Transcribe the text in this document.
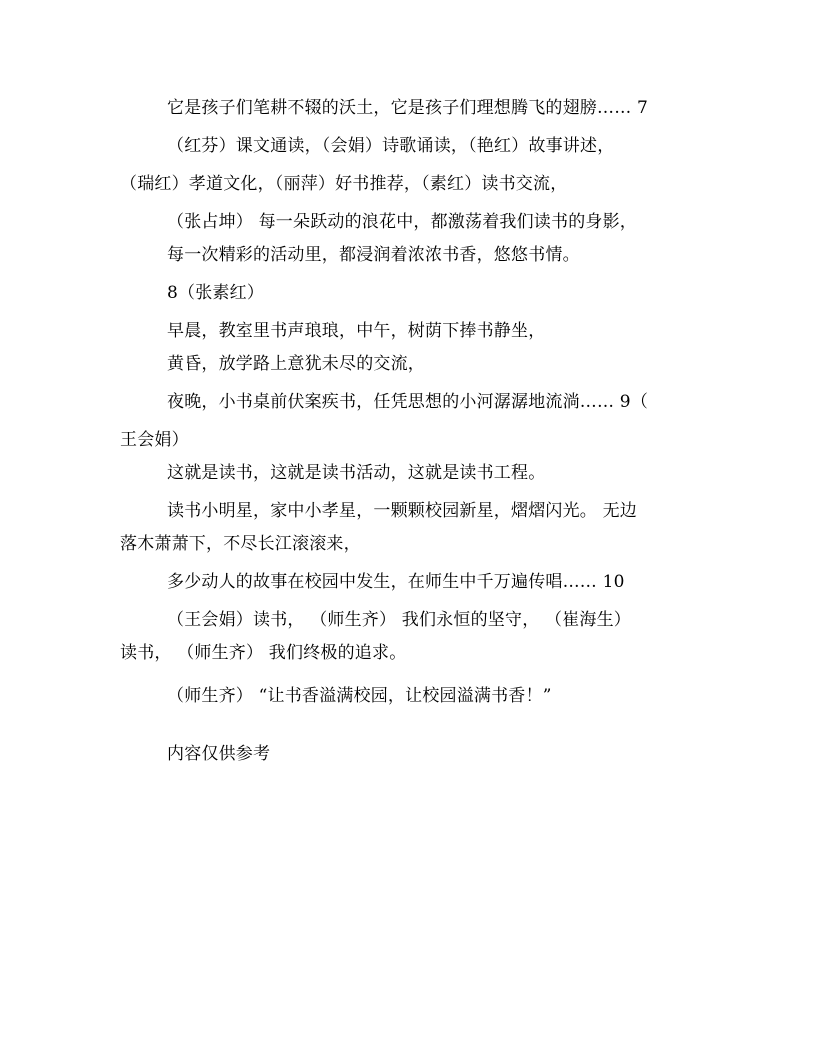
它是孩子们笔耕不辍的沃土，它是孩子们理想腾飞的翅膀…… 7
（红芬）课文通读，（会娟）诗歌诵读，（艳红）故事讲述，
（瑞红）孝道文化，（丽萍）好书推荐，（素红）读书交流，
（张占坤） 每一朵跃动的浪花中，都激荡着我们读书的身影，
每一次精彩的活动里，都浸润着浓浓书香，悠悠书情。
8（张素红）
早晨，教室里书声琅琅，中午，树荫下捧书静坐，
黄昏，放学路上意犹未尽的交流，
夜晚，小书桌前伏案疾书，任凭思想的小河潺潺地流淌…… 9（
王会娟）
这就是读书，这就是读书活动，这就是读书工程。
读书小明星，家中小孝星，一颗颗校园新星，熠熠闪光。 无边
落木萧萧下，不尽长江滚滚来，
多少动人的故事在校园中发生，在师生中千万遍传唱…… 10
（王会娟）读书， （师生齐） 我们永恒的坚守， （崔海生）
读书， （师生齐） 我们终极的追求。
（师生齐） “让书香溢满校园，让校园溢满书香！”
内容仅供参考
